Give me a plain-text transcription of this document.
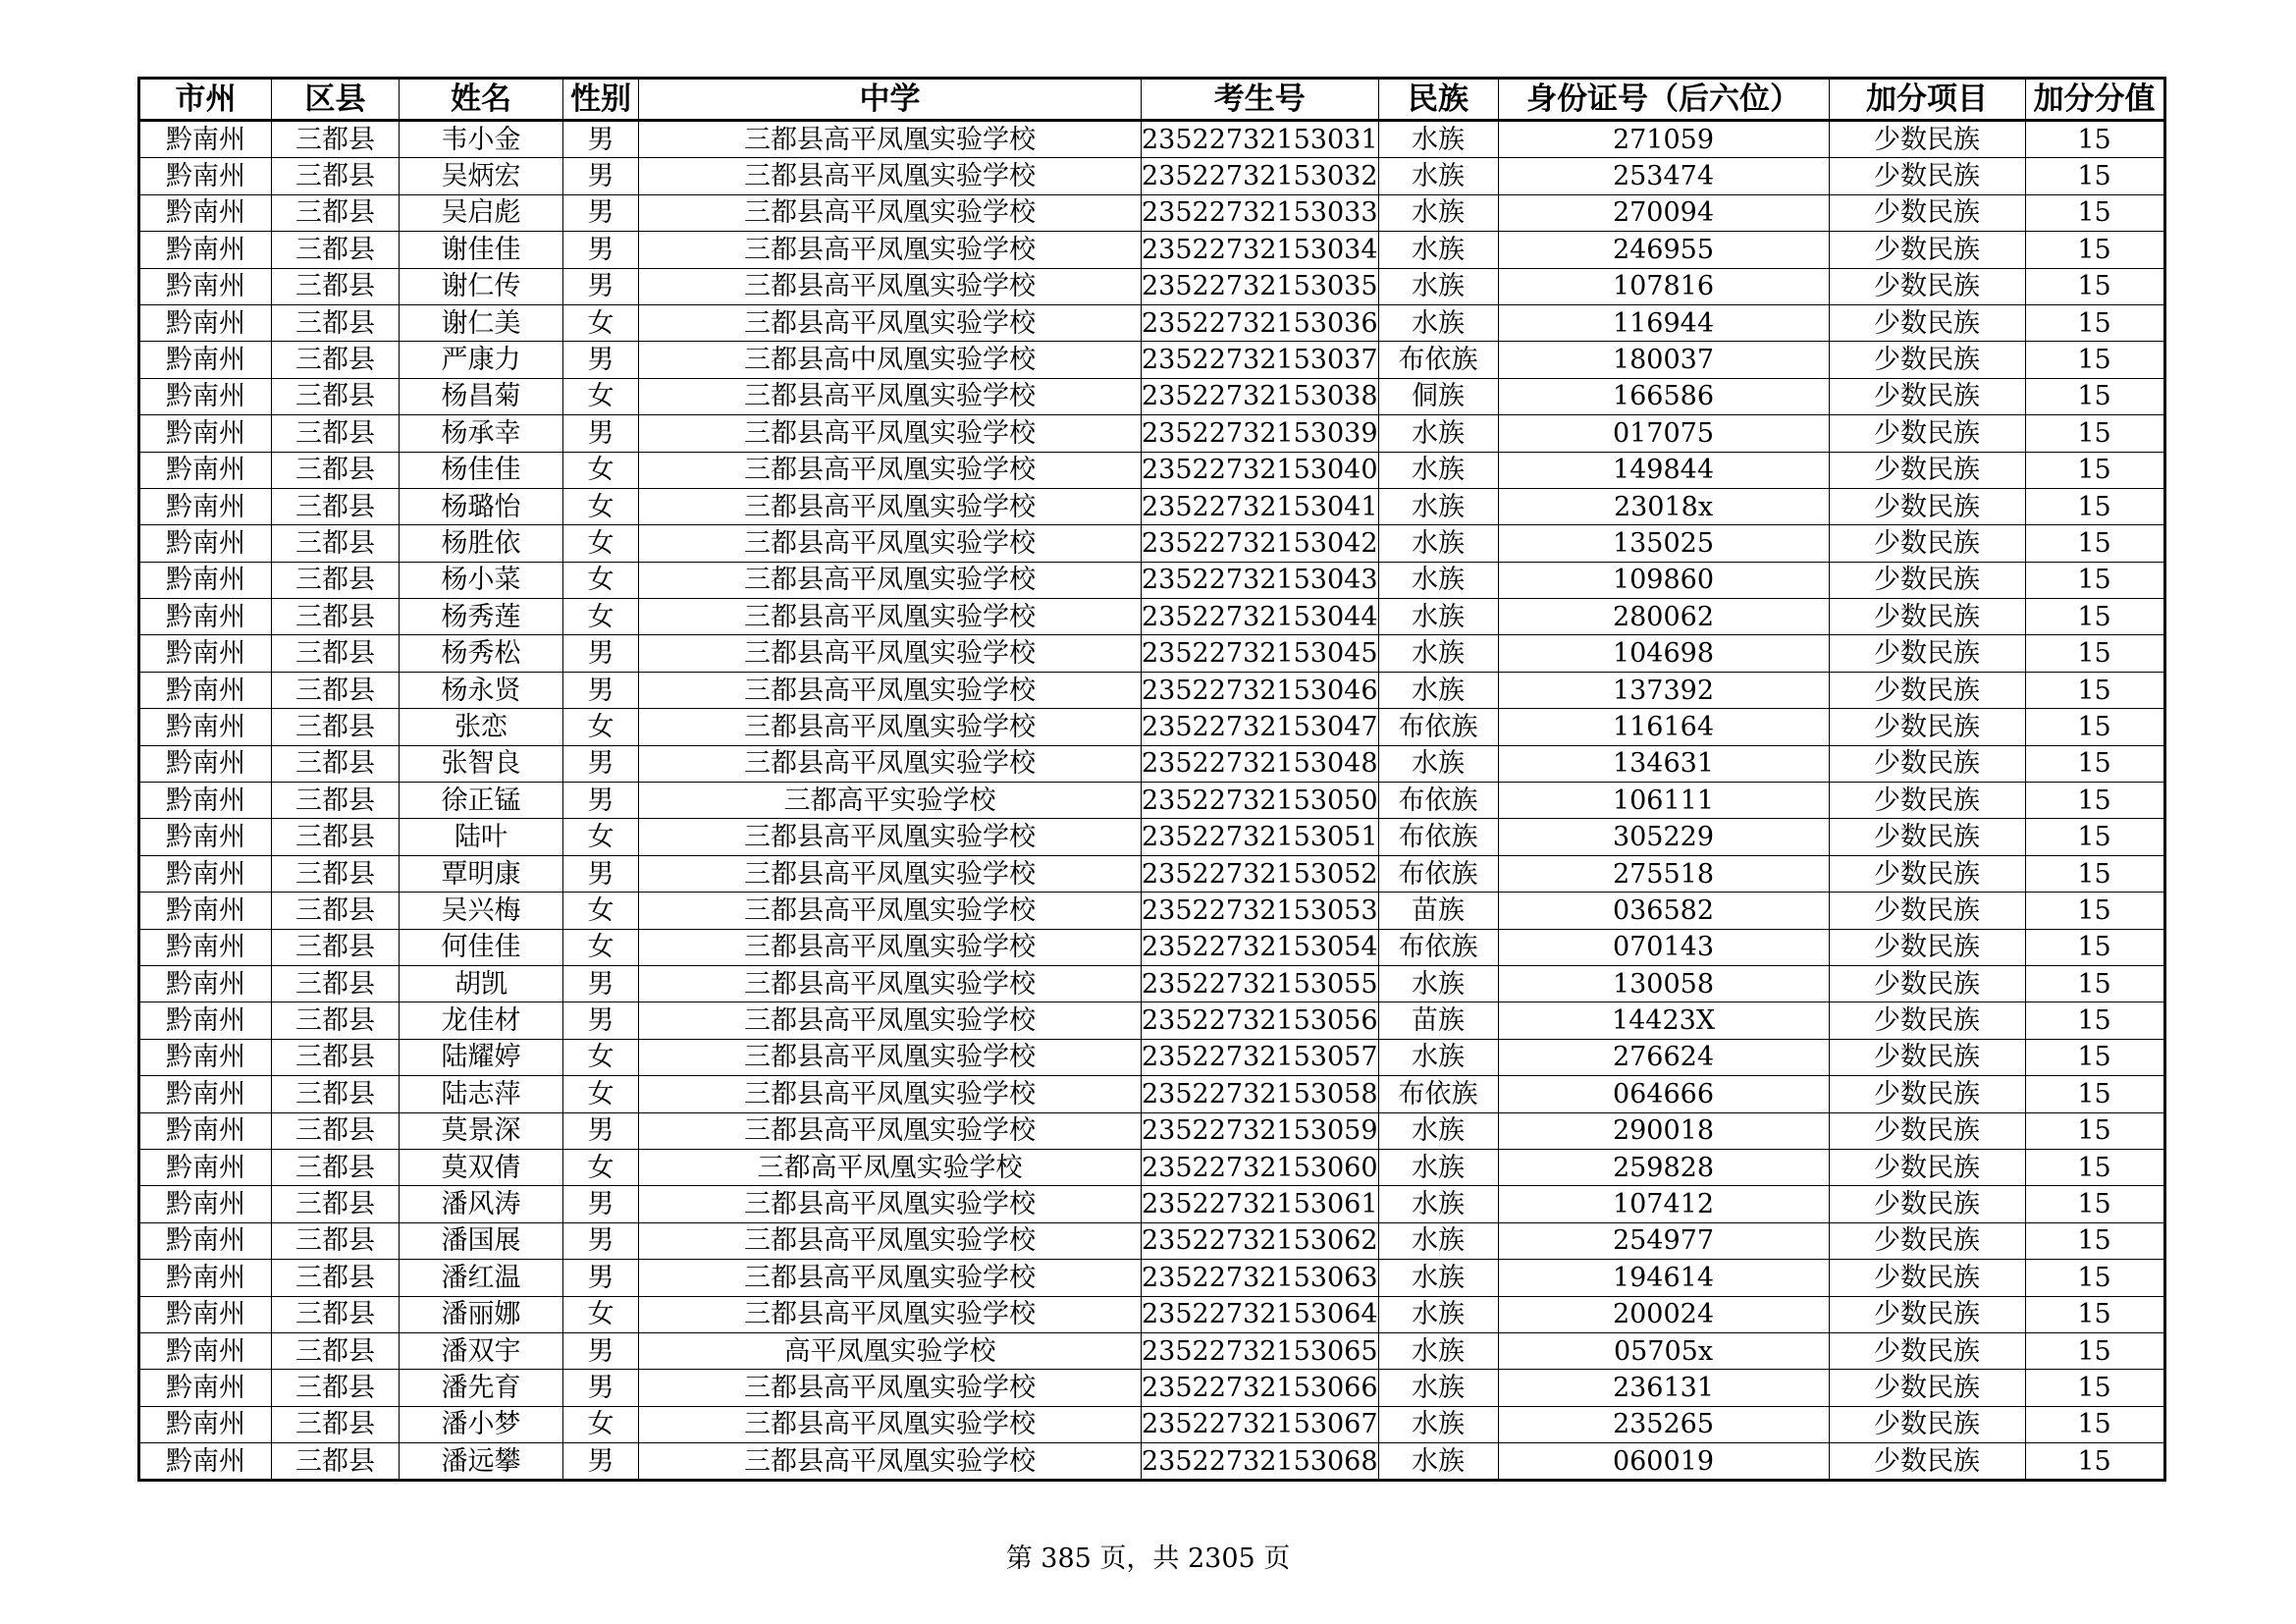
市州	区县	姓名	性别	中学	考生号	民族	身份证号（后六位）	加分项目	加分分值
黔南州	三都县	韦小金	男	三都县高平凤凰实验学校	23522732153031	水族	271059	少数民族	15
黔南州	三都县	吴炳宏	男	三都县高平凤凰实验学校	23522732153032	水族	253474	少数民族	15
黔南州	三都县	吴启彪	男	三都县高平凤凰实验学校	23522732153033	水族	270094	少数民族	15
黔南州	三都县	谢佳佳	男	三都县高平凤凰实验学校	23522732153034	水族	246955	少数民族	15
黔南州	三都县	谢仁传	男	三都县高平凤凰实验学校	23522732153035	水族	107816	少数民族	15
黔南州	三都县	谢仁美	女	三都县高平凤凰实验学校	23522732153036	水族	116944	少数民族	15
黔南州	三都县	严康力	男	三都县高中凤凰实验学校	23522732153037	布依族	180037	少数民族	15
黔南州	三都县	杨昌菊	女	三都县高平凤凰实验学校	23522732153038	侗族	166586	少数民族	15
黔南州	三都县	杨承幸	男	三都县高平凤凰实验学校	23522732153039	水族	017075	少数民族	15
黔南州	三都县	杨佳佳	女	三都县高平凤凰实验学校	23522732153040	水族	149844	少数民族	15
黔南州	三都县	杨璐怡	女	三都县高平凤凰实验学校	23522732153041	水族	23018x	少数民族	15
黔南州	三都县	杨胜依	女	三都县高平凤凰实验学校	23522732153042	水族	135025	少数民族	15
黔南州	三都县	杨小菜	女	三都县高平凤凰实验学校	23522732153043	水族	109860	少数民族	15
黔南州	三都县	杨秀莲	女	三都县高平凤凰实验学校	23522732153044	水族	280062	少数民族	15
黔南州	三都县	杨秀松	男	三都县高平凤凰实验学校	23522732153045	水族	104698	少数民族	15
黔南州	三都县	杨永贤	男	三都县高平凤凰实验学校	23522732153046	水族	137392	少数民族	15
黔南州	三都县	张恋	女	三都县高平凤凰实验学校	23522732153047	布依族	116164	少数民族	15
黔南州	三都县	张智良	男	三都县高平凤凰实验学校	23522732153048	水族	134631	少数民族	15
黔南州	三都县	徐正锰	男	三都高平实验学校	23522732153050	布依族	106111	少数民族	15
黔南州	三都县	陆叶	女	三都县高平凤凰实验学校	23522732153051	布依族	305229	少数民族	15
黔南州	三都县	覃明康	男	三都县高平凤凰实验学校	23522732153052	布依族	275518	少数民族	15
黔南州	三都县	吴兴梅	女	三都县高平凤凰实验学校	23522732153053	苗族	036582	少数民族	15
黔南州	三都县	何佳佳	女	三都县高平凤凰实验学校	23522732153054	布依族	070143	少数民族	15
黔南州	三都县	胡凯	男	三都县高平凤凰实验学校	23522732153055	水族	130058	少数民族	15
黔南州	三都县	龙佳材	男	三都县高平凤凰实验学校	23522732153056	苗族	14423X	少数民族	15
黔南州	三都县	陆耀婷	女	三都县高平凤凰实验学校	23522732153057	水族	276624	少数民族	15
黔南州	三都县	陆志萍	女	三都县高平凤凰实验学校	23522732153058	布依族	064666	少数民族	15
黔南州	三都县	莫景深	男	三都县高平凤凰实验学校	23522732153059	水族	290018	少数民族	15
黔南州	三都县	莫双倩	女	三都高平凤凰实验学校	23522732153060	水族	259828	少数民族	15
黔南州	三都县	潘风涛	男	三都县高平凤凰实验学校	23522732153061	水族	107412	少数民族	15
黔南州	三都县	潘国展	男	三都县高平凤凰实验学校	23522732153062	水族	254977	少数民族	15
黔南州	三都县	潘红温	男	三都县高平凤凰实验学校	23522732153063	水族	194614	少数民族	15
黔南州	三都县	潘丽娜	女	三都县高平凤凰实验学校	23522732153064	水族	200024	少数民族	15
黔南州	三都县	潘双宇	男	高平凤凰实验学校	23522732153065	水族	05705x	少数民族	15
黔南州	三都县	潘先育	男	三都县高平凤凰实验学校	23522732153066	水族	236131	少数民族	15
黔南州	三都县	潘小梦	女	三都县高平凤凰实验学校	23522732153067	水族	235265	少数民族	15
黔南州	三都县	潘远攀	男	三都县高平凤凰实验学校	23522732153068	水族	060019	少数民族	15
第 385 页，共 2305 页
